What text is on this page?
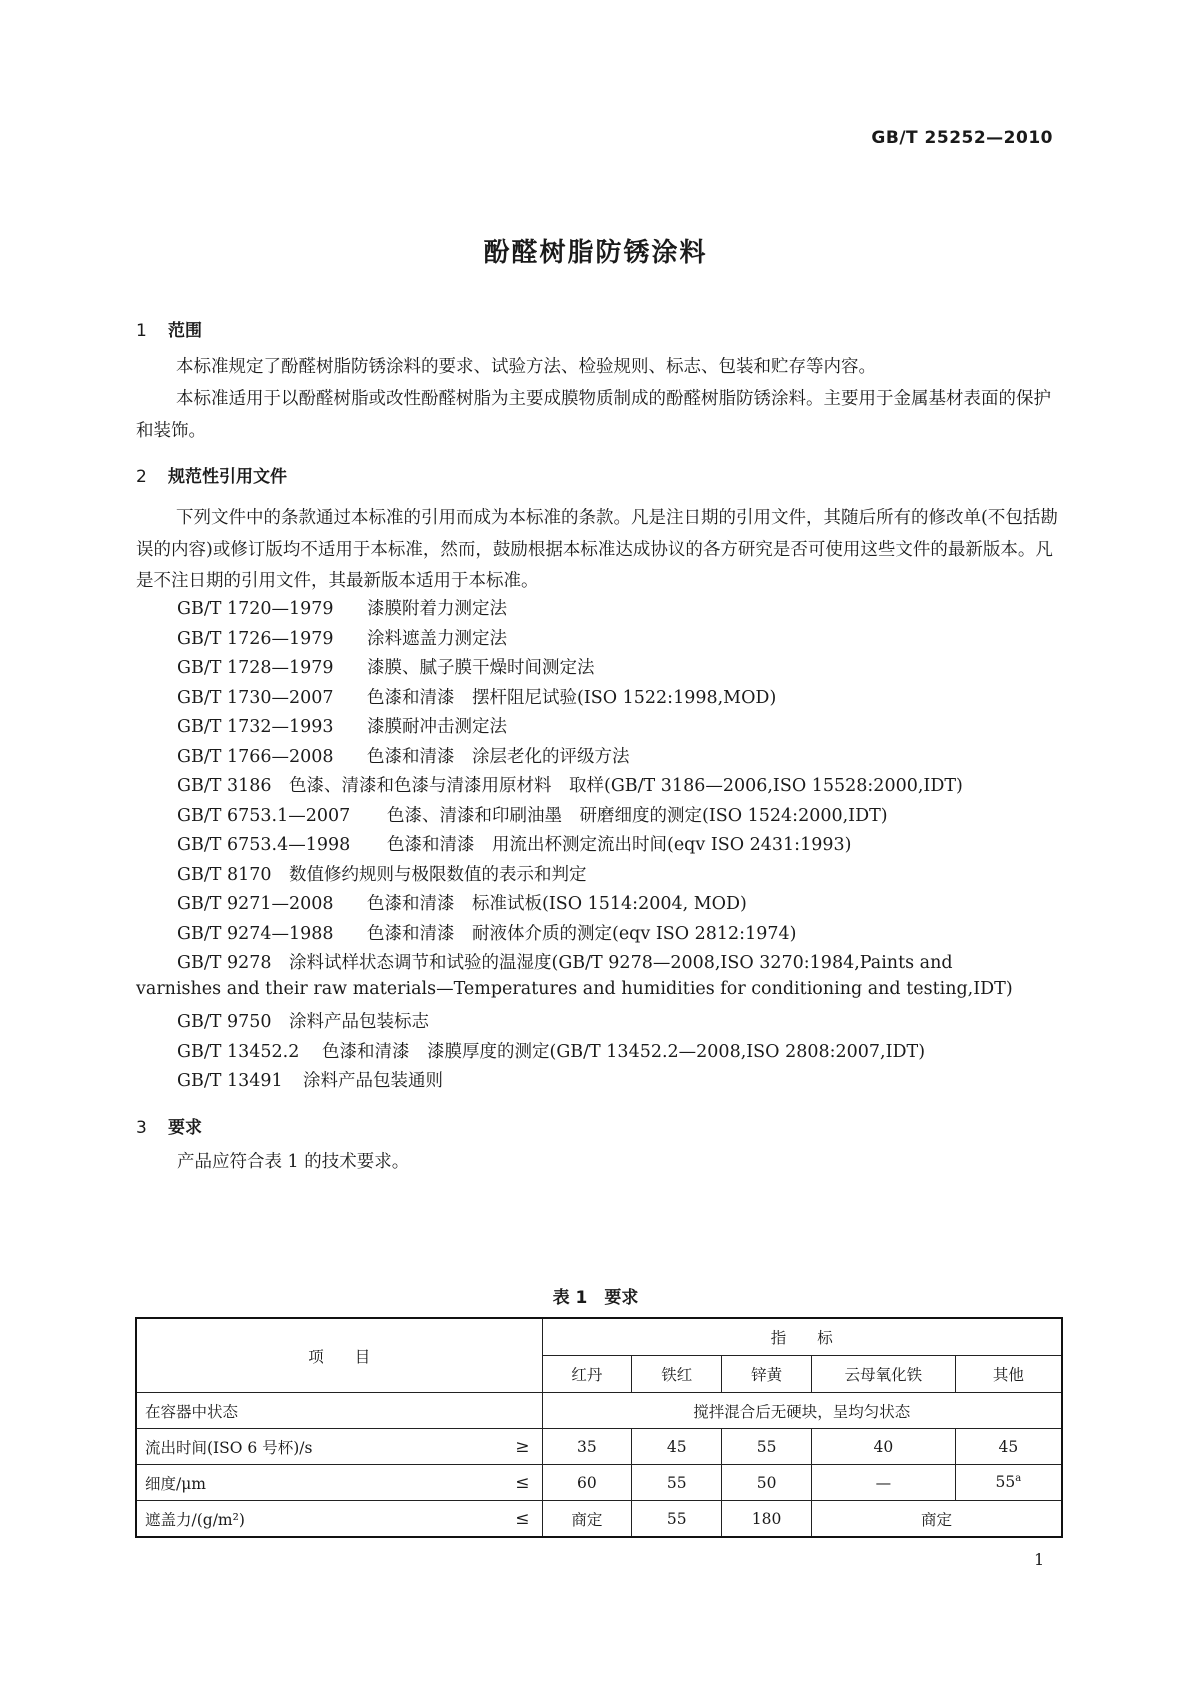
GB/T 25252—2010
酚醛树脂防锈涂料
1 范围
本标准规定了酚醛树脂防锈涂料的要求、试验方法、检验规则、标志、包装和贮存等内容。
本标准适用于以酚醛树脂或改性酚醛树脂为主要成膜物质制成的酚醛树脂防锈涂料。主要用于金属基材表面的保护和装饰。
2 规范性引用文件
下列文件中的条款通过本标准的引用而成为本标准的条款。凡是注日期的引用文件，其随后所有的修改单(不包括勘误的内容)或修订版均不适用于本标准，然而，鼓励根据本标准达成协议的各方研究是否可使用这些文件的最新版本。凡是不注日期的引用文件，其最新版本适用于本标准。
GB/T 1720—1979 漆膜附着力测定法
GB/T 1726—1979 涂料遮盖力测定法
GB/T 1728—1979 漆膜、腻子膜干燥时间测定法
GB/T 1730—2007 色漆和清漆　摆杆阻尼试验(ISO 1522:1998,MOD)
GB/T 1732—1993 漆膜耐冲击测定法
GB/T 1766—2008 色漆和清漆　涂层老化的评级方法
GB/T 3186 色漆、清漆和色漆与清漆用原材料　取样(GB/T 3186—2006,ISO 15528:2000,IDT)
GB/T 6753.1—2007 色漆、清漆和印刷油墨　研磨细度的测定(ISO 1524:2000,IDT)
GB/T 6753.4—1998 色漆和清漆　用流出杯测定流出时间(eqv ISO 2431:1993)
GB/T 8170 数值修约规则与极限数值的表示和判定
GB/T 9271—2008 色漆和清漆　标准试板(ISO 1514:2004, MOD)
GB/T 9274—1988 色漆和清漆　耐液体介质的测定(eqv ISO 2812:1974)
GB/T 9278 涂料试样状态调节和试验的温湿度(GB/T 9278—2008,ISO 3270:1984,Paints and
varnishes and their raw materials—Temperatures and humidities for conditioning and testing,IDT)
GB/T 9750 涂料产品包装标志
GB/T 13452.2 色漆和清漆　漆膜厚度的测定(GB/T 13452.2—2008,ISO 2808:2007,IDT)
GB/T 13491 涂料产品包装通则
3 要求
产品应符合表 1 的技术要求。
表 1　要求
项　　目	指　　标				
	红丹	铁红	锌黄	云母氧化铁	其他
在容器中状态	搅拌混合后无硬块，呈均匀状态				
流出时间(ISO 6 号杯)/s ≥	35	45	55	40	45
细度/μm ≤	60	55	50	—	55$^a$
遮盖力/(g/m²) ≤	商定	55	180	商定	
1
